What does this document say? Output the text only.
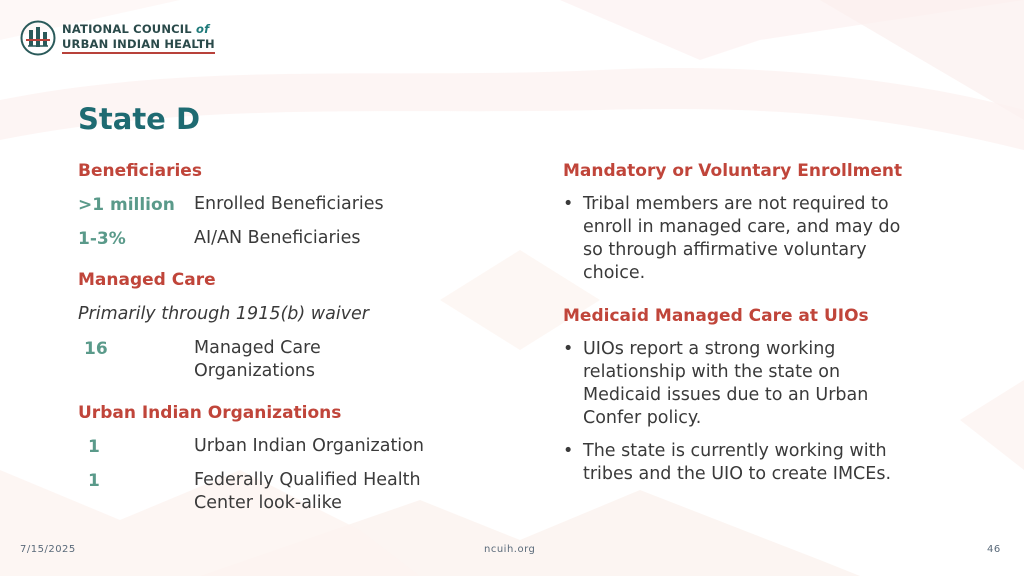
NATIONAL COUNCIL of
URBAN INDIAN HEALTH
State D
Beneficiaries
>1 million Enrolled Beneficiaries
1-3%	AI/AN Beneficiaries
Managed Care
Primarily through 1915(b) waiver
16	Managed Care
Organizations
Urban Indian Organizations
1	Urban Indian Organization
1	Federally Qualified Health
Center look-alike
Mandatory or Voluntary Enrollment
• Tribal members are not required to
enroll in managed care, and may do
so through affirmative voluntary
choice.
Medicaid Managed Care at UIOs
• UIOs report a strong working
relationship with the state on
Medicaid issues due to an Urban
Confer policy.
• The state is currently working with
tribes and the UIO to create IMCEs.
7/15/2025	ncuih.org	46
